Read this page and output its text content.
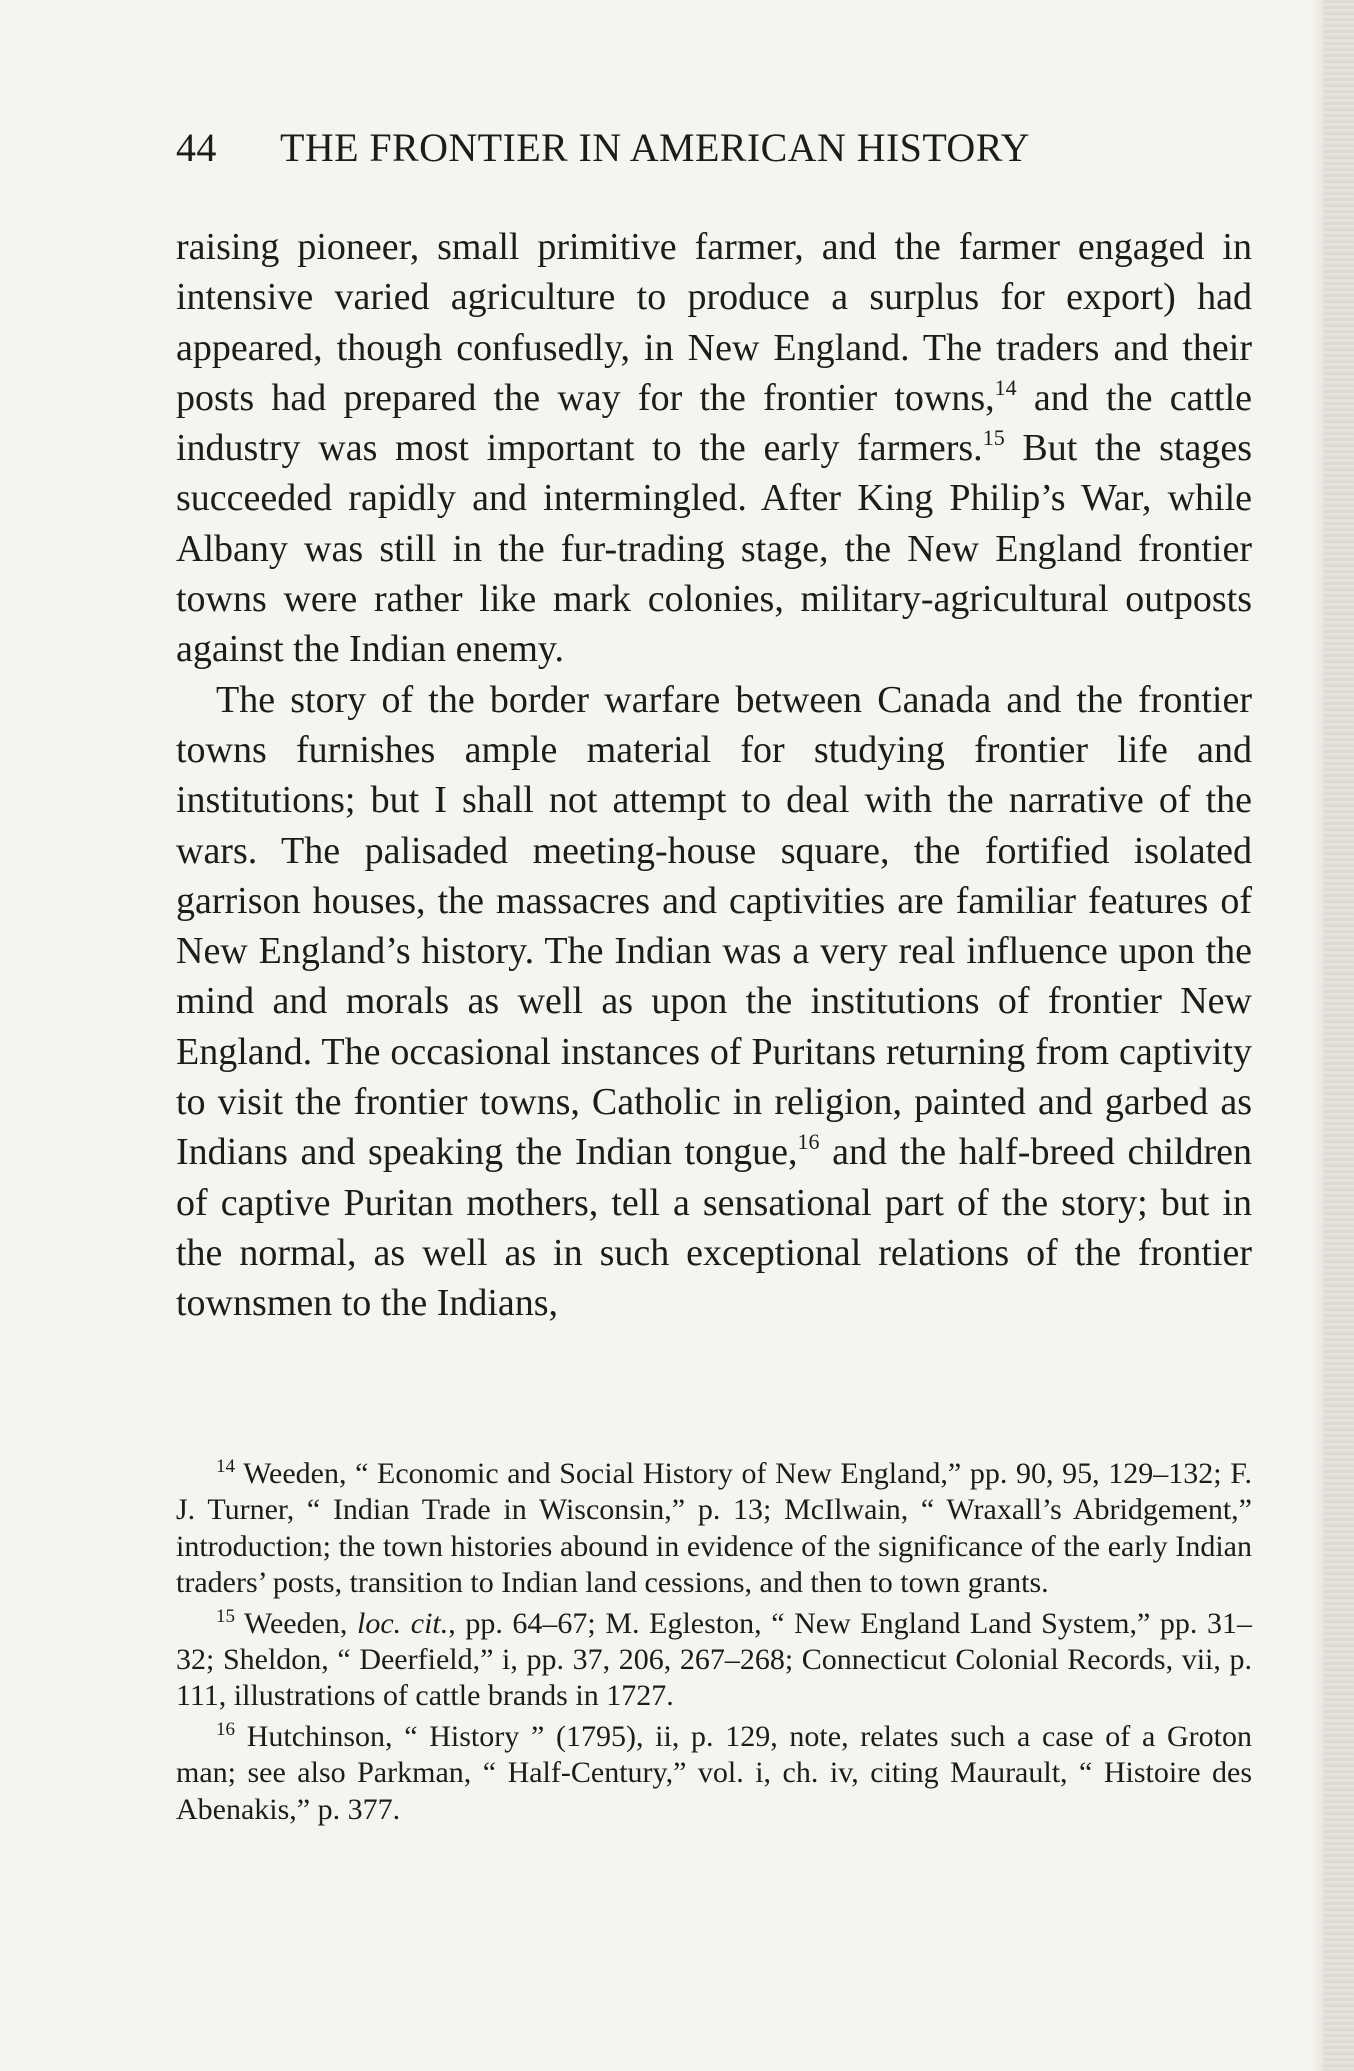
44 THE FRONTIER IN AMERICAN HISTORY

raising pioneer, small primitive farmer, and the farmer engaged in intensive varied agriculture to produce a surplus for export) had appeared, though confusedly, in New England. The traders and their posts had prepared the way for the frontier towns,$^{14}$ and the cattle industry was most important to the early farmers.$^{15}$ But the stages succeeded rapidly and intermingled. After King Philip’s War, while Albany was still in the fur-trading stage, the New England frontier towns were rather like mark colonies, military-agricultural outposts against the Indian enemy.

The story of the border warfare between Canada and the frontier towns furnishes ample material for studying frontier life and institutions; but I shall not attempt to deal with the narrative of the wars. The palisaded meeting-house square, the fortified isolated garrison houses, the massacres and captivities are familiar features of New England’s history. The Indian was a very real influence upon the mind and morals as well as upon the institutions of frontier New England. The occasional instances of Puritans returning from captivity to visit the frontier towns, Catholic in religion, painted and garbed as Indians and speaking the Indian tongue,$^{16}$ and the half-breed children of captive Puritan mothers, tell a sensational part of the story; but in the normal, as well as in such exceptional relations of the frontier townsmen to the Indians,

$^{14}$ Weeden, “ Economic and Social History of New England,” pp. 90, 95, 129–132; F. J. Turner, “ Indian Trade in Wisconsin,” p. 13; McIlwain, “ Wraxall’s Abridgement,” introduction; the town histories abound in evidence of the significance of the early Indian traders’ posts, transition to Indian land cessions, and then to town grants.

$^{15}$ Weeden, loc. cit., pp. 64–67; M. Egleston, “ New England Land System,” pp. 31–32; Sheldon, “ Deerfield,” i, pp. 37, 206, 267–268; Connecticut Colonial Records, vii, p. 111, illustrations of cattle brands in 1727.

$^{16}$ Hutchinson, “ History ” (1795), ii, p. 129, note, relates such a case of a Groton man; see also Parkman, “ Half-Century,” vol. i, ch. iv, citing Maurault, “ Histoire des Abenakis,” p. 377.
